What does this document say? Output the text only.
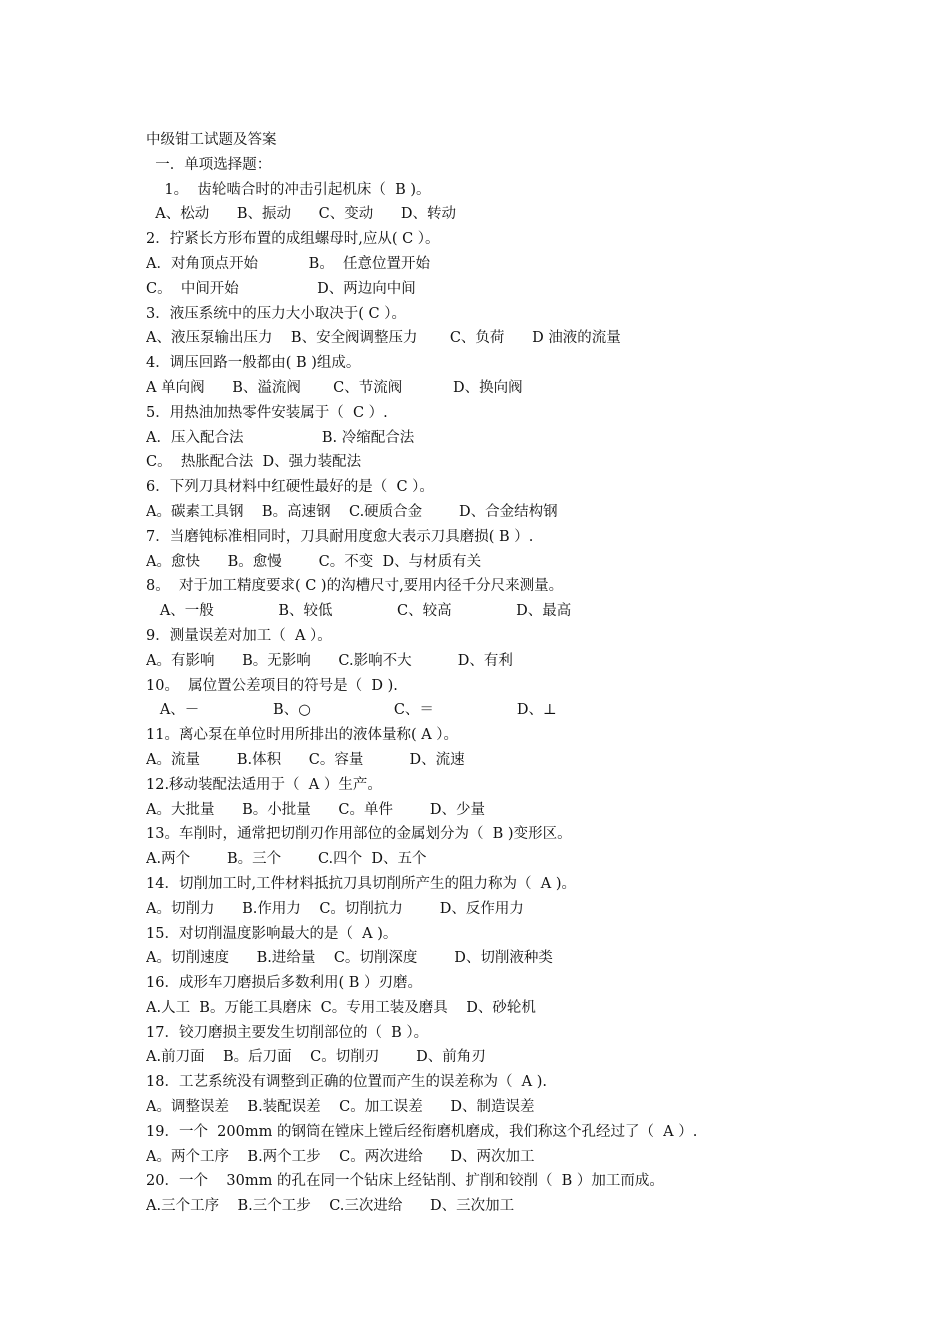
中级钳工试题及答案
一．单项选择题：
1。  齿轮啮合时的冲击引起机床（  B )。
A、松动      B、振动      C、变动      D、转动
2．拧紧长方形布置的成组螺母时,应从( C ）。
A．对角顶点开始           B。  任意位置开始
C。  中间开始                 D、两边向中间
3．液压系统中的压力大小取决于( C ）。
A、液压泵输出压力    B、安全阀调整压力       C、负荷      D 油液的流量
4．调压回路一般都由( B )组成。
A 单向阀      B、溢流阀       C、节流阀           D、换向阀
5．用热油加热零件安装属于（  C ）.
A．压入配合法                 B. 冷缩配合法
C。  热胀配合法  D、强力装配法
6．下列刀具材料中红硬性最好的是（  C ）。
A。碳素工具钢    B。高速钢    C.硬质合金        D、合金结构钢
7．当磨钝标准相同时，刀具耐用度愈大表示刀具磨损( B ）.
A。愈快      B。愈慢        C。不变  D、与材质有关
8。  对于加工精度要求( C )的沟槽尺寸,要用内径千分尺来测量。
A、一般              B、较低              C、较高              D、最高
9．测量误差对加工（  A ）。
A。有影响      B。无影响      C.影响不大          D、有利
10。  属位置公差项目的符号是（  D ).
A、－                B、○                  C、＝                  D、⊥
11。离心泵在单位时用所排出的液体量称( A ）。
A。流量        B.体积      C。容量          D、流速
12.移动装配法适用于（  A ）生产。
A。大批量      B。小批量      C。单件        D、少量
13。车削时，通常把切削刃作用部位的金属划分为（  B )变形区。
A.两个        B。三个        C.四个  D、五个
14．切削加工时,工件材料抵抗刀具切削所产生的阻力称为（  A )。
A。切削力      B.作用力    C。切削抗力        D、反作用力
15．对切削温度影响最大的是（  A )。
A。切削速度      B.进给量    C。切削深度        D、切削液种类
16．成形车刀磨损后多数利用( B ）刃磨。
A.人工  B。万能工具磨床  C。专用工装及磨具    D、砂轮机
17．铰刀磨损主要发生切削部位的（  B ）。
A.前刀面    B。后刀面    C。切削刃        D、前角刃
18．工艺系统没有调整到正确的位置而产生的误差称为（  A ).
A。调整误差    B.装配误差    C。加工误差      D、制造误差
19．一个  200mm 的钢筒在镗床上镗后经衔磨机磨成，我们称这个孔经过了（  A ）.
A。两个工序    B.两个工步    C。两次进给      D、两次加工
20．一个    30mm 的孔在同一个钻床上经钻削、扩削和铰削（  B ）加工而成。
A.三个工序    B.三个工步    C.三次进给      D、三次加工
